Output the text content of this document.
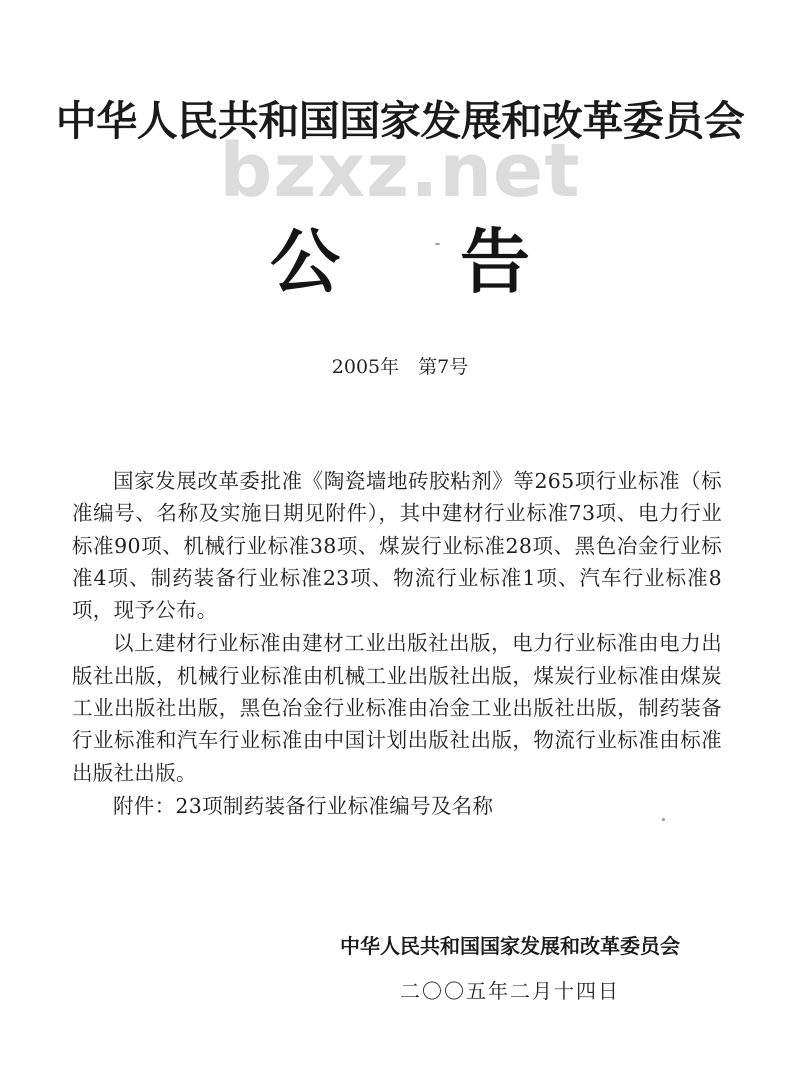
中华人民共和国国家发展和改革委员会
bzxz.net
公 告
2005年　第7号

国家发展改革委批准《陶瓷墙地砖胶粘剂》等265项行业标准（标准编号、名称及实施日期见附件），其中建材行业标准73项、电力行业标准90项、机械行业标准38项、煤炭行业标准28项、黑色冶金行业标准4项、制药装备行业标准23项、物流行业标准1项、汽车行业标准8项，现予公布。

以上建材行业标准由建材工业出版社出版，电力行业标准由电力出版社出版，机械行业标准由机械工业出版社出版，煤炭行业标准由煤炭工业出版社出版，黑色冶金行业标准由冶金工业出版社出版，制药装备行业标准和汽车行业标准由中国计划出版社出版，物流行业标准由标准出版社出版。

附件：23项制药装备行业标准编号及名称

中华人民共和国国家发展和改革委员会
二〇〇五年二月十四日
